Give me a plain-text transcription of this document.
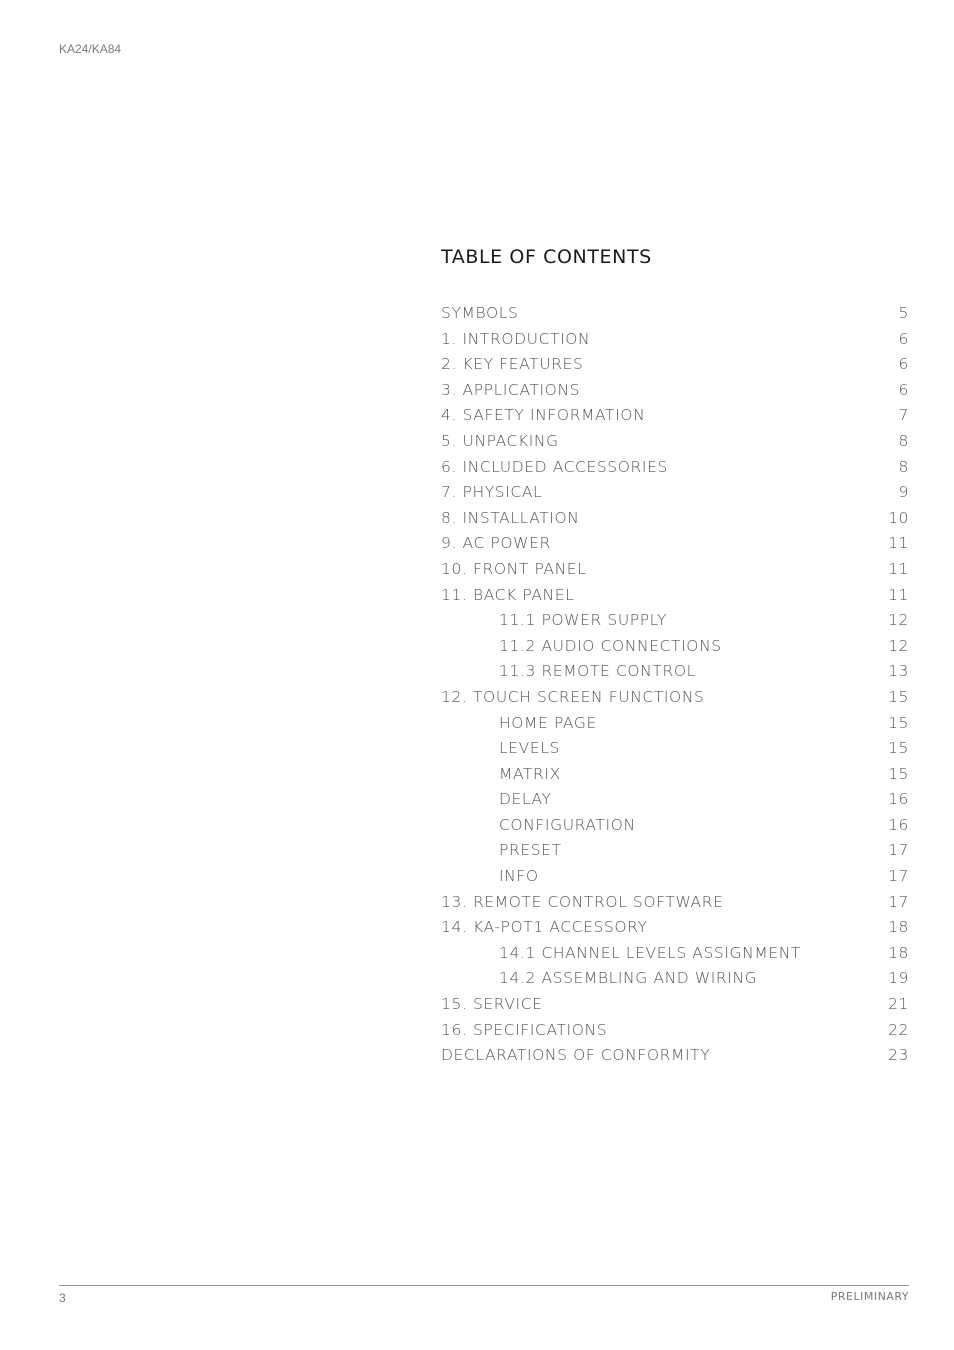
KA24/KA84
TABLE OF CONTENTS
SYMBOLS	5
1. INTRODUCTION	6
2. KEY FEATURES	6
3. APPLICATIONS	6
4. SAFETY INFORMATION	7
5. UNPACKING	8
6. INCLUDED ACCESSORIES	8
7. PHYSICAL	9
8. INSTALLATION	10
9. AC POWER	11
10. FRONT PANEL	11
11. BACK PANEL	11
11.1 POWER SUPPLY	12
11.2 AUDIO CONNECTIONS	12
11.3 REMOTE CONTROL	13
12. TOUCH SCREEN FUNCTIONS	15
HOME PAGE	15
LEVELS	15
MATRIX	15
DELAY	16
CONFIGURATION	16
PRESET	17
INFO	17
13. REMOTE CONTROL SOFTWARE	17
14. KA-POT1 ACCESSORY	18
14.1 CHANNEL LEVELS ASSIGNMENT	18
14.2 ASSEMBLING AND WIRING	19
15. SERVICE	21
16. SPECIFICATIONS	22
DECLARATIONS OF CONFORMITY	23
3	PRELIMINARY
